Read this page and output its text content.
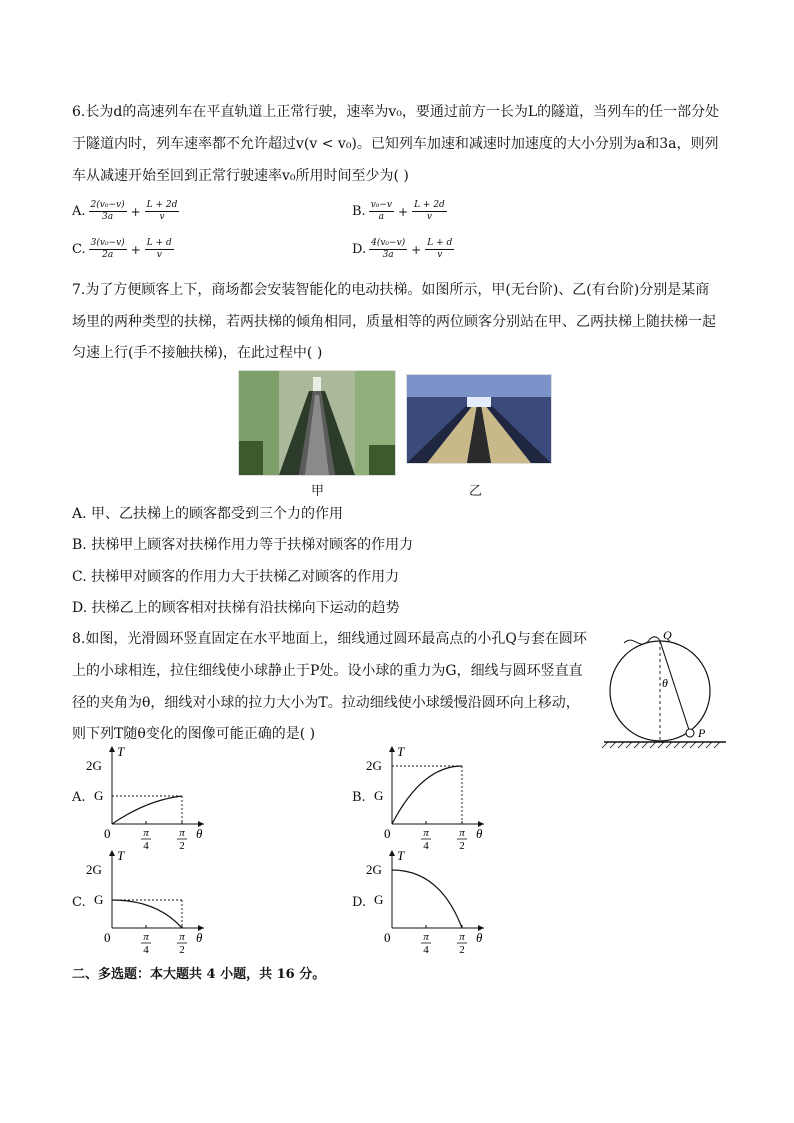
6.长为d的高速列车在平直轨道上正常行驶，速率为v₀，要通过前方一长为L的隧道，当列车的任一部分处
于隧道内时，列车速率都不允许超过v(v < v₀)。已知列车加速和减速时加速度的大小分别为a和3a，则列
车从减速开始至回到正常行驶速率v₀所用时间至少为( )
A. $\frac{\text{2(v₀−v)}}{3a} + \frac{L + 2d}{v}$	B. $\frac{\text{v₀−v}}{a} + \frac{L + 2d}{v}$
C. $\frac{\text{3(v₀−v)}}{2a} + \frac{L + d}{v}$	D. $\frac{\text{4(v₀−v)}}{3a} + \frac{L + d}{v}$
7.为了方便顾客上下，商场都会安装智能化的电动扶梯。如图所示，甲(无台阶)、乙(有台阶)分别是某商
场里的两种类型的扶梯，若两扶梯的倾角相同，质量相等的两位顾客分别站在甲、乙两扶梯上随扶梯一起
匀速上行(手不接触扶梯)，在此过程中( )
甲	乙
A. 甲、乙扶梯上的顾客都受到三个力的作用
B. 扶梯甲上顾客对扶梯作用力等于扶梯对顾客的作用力
C. 扶梯甲对顾客的作用力大于扶梯乙对顾客的作用力
D. 扶梯乙上的顾客相对扶梯有沿扶梯向下运动的趋势
8.如图，光滑圆环竖直固定在水平地面上，细线通过圆环最高点的小孔Q与套在圆环
上的小球相连，拉住细线使小球静止于P处。设小球的重力为G，细线与圆环竖直直
径的夹角为θ，细线对小球的拉力大小为T。拉动细线使小球缓慢沿圆环向上移动，
则下列T随θ变化的图像可能正确的是( )
Q
θ
P
A.	B.
C.	D.
T
θ
2G
G
0	π
4
π
2
T
θ
2G
G
0	π
4
π
2
T
θ
2G
G
0	π
4
π
2
T
θ
2G
G
0	π
4
π
2
二、多选题：本大题共 4 小题，共 16 分。
